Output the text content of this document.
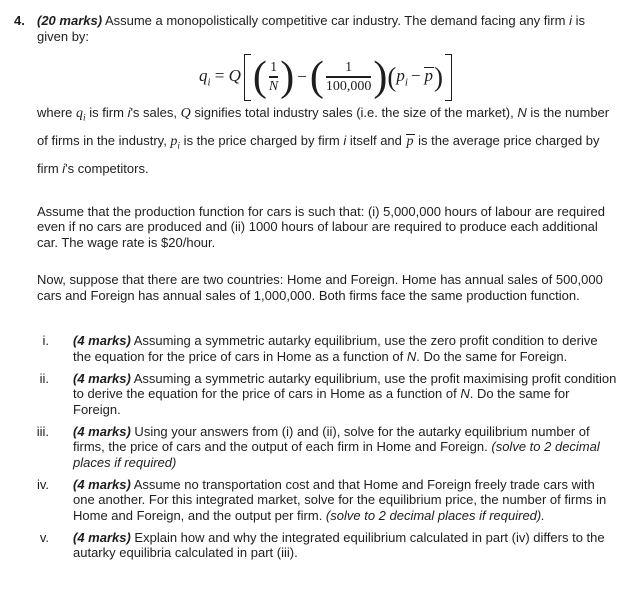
4. (20 marks) Assume a monopolistically competitive car industry. The demand facing any firm i is given by:
$q_i = Q$ ( $\frac{1}{N}$ ) − ( $\frac{1}{100,000}$ ) ( $p_i - p$ )
where $q_i$ is firm i's sales, Q signifies total industry sales (i.e. the size of the market), N is the number of firms in the industry, $p_i$ is the price charged by firm i itself and p is the average price charged by firm i's competitors.
Assume that the production function for cars is such that: (i) 5,000,000 hours of labour are required even if no cars are produced and (ii) 1000 hours of labour are required to produce each additional car. The wage rate is $20/hour.
Now, suppose that there are two countries: Home and Foreign. Home has annual sales of 500,000 cars and Foreign has annual sales of 1,000,000. Both firms face the same production function.
i. (4 marks) Assuming a symmetric autarky equilibrium, use the zero profit condition to derive the equation for the price of cars in Home as a function of N. Do the same for Foreign.
ii. (4 marks) Assuming a symmetric autarky equilibrium, use the profit maximising profit condition to derive the equation for the price of cars in Home as a function of N. Do the same for Foreign.
iii. (4 marks) Using your answers from (i) and (ii), solve for the autarky equilibrium number of firms, the price of cars and the output of each firm in Home and Foreign. (solve to 2 decimal places if required)
iv. (4 marks) Assume no transportation cost and that Home and Foreign freely trade cars with one another. For this integrated market, solve for the equilibrium price, the number of firms in Home and Foreign, and the output per firm. (solve to 2 decimal places if required).
v. (4 marks) Explain how and why the integrated equilibrium calculated in part (iv) differs to the autarky equilibria calculated in part (iii).
